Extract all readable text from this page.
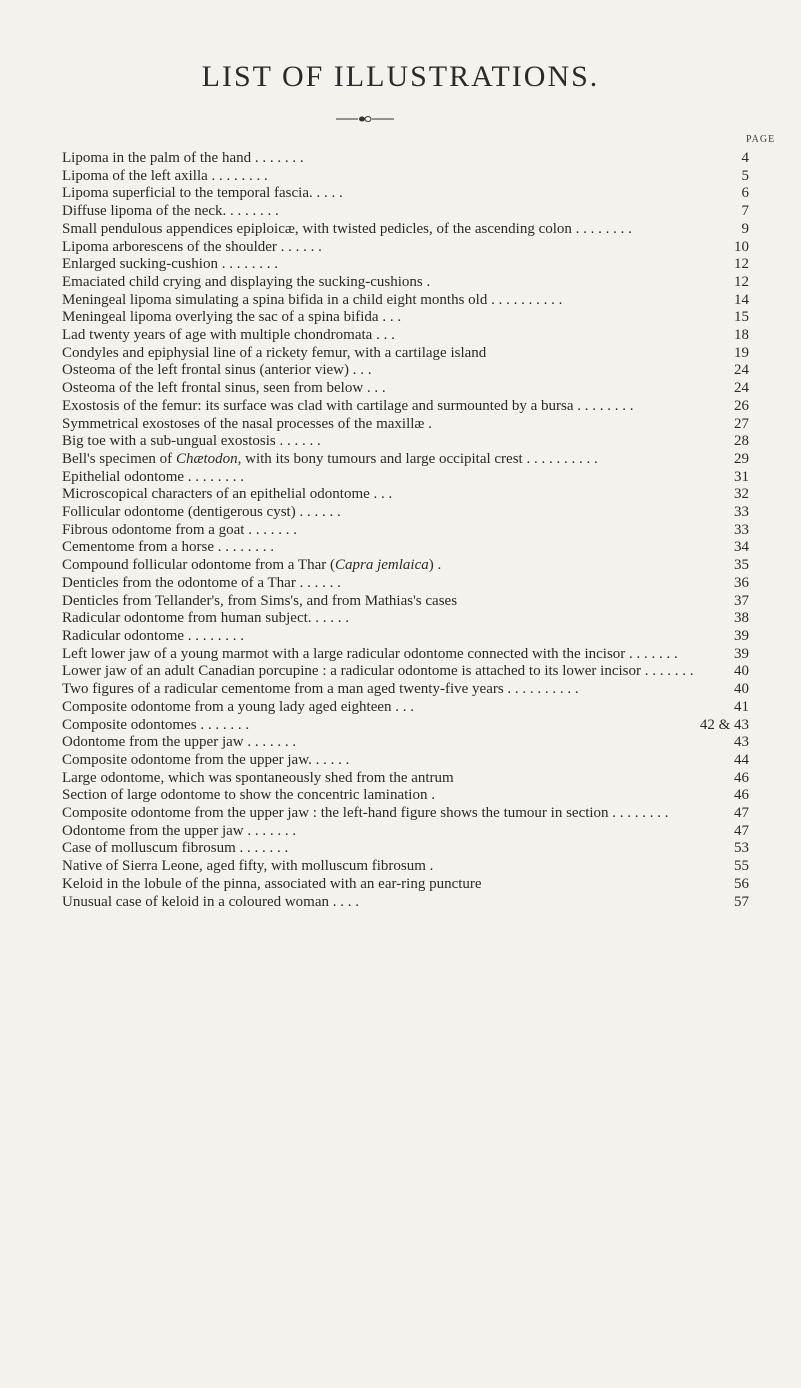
LIST OF ILLUSTRATIONS.
PAGE
Lipoma in the palm of the hand . . . . . . .	4
Lipoma of the left axilla . . . . . . . .	5
Lipoma superficial to the temporal fascia. . . . .	6
Diffuse lipoma of the neck. . . . . . . .	7
Small pendulous appendices epiploicæ, with twisted pedicles, of the ascending colon . . . . . . . .	9
Lipoma arborescens of the shoulder . . . . . .	10
Enlarged sucking-cushion . . . . . . . .	12
Emaciated child crying and displaying the sucking-cushions .	12
Meningeal lipoma simulating a spina bifida in a child eight months old . . . . . . . . . .	14
Meningeal lipoma overlying the sac of a spina bifida . . .	15
Lad twenty years of age with multiple chondromata . . .	18
Condyles and epiphysial line of a rickety femur, with a cartilage island	19
Osteoma of the left frontal sinus (anterior view) . . .	24
Osteoma of the left frontal sinus, seen from below . . .	24
Exostosis of the femur: its surface was clad with cartilage and surmounted by a bursa . . . . . . . .	26
Symmetrical exostoses of the nasal processes of the maxillæ .	27
Big toe with a sub-ungual exostosis . . . . . .	28
Bell's specimen of Chætodon, with its bony tumours and large occipital crest . . . . . . . . . .	29
Epithelial odontome . . . . . . . .	31
Microscopical characters of an epithelial odontome . . .	32
Follicular odontome (dentigerous cyst) . . . . . .	33
Fibrous odontome from a goat . . . . . . .	33
Cementome from a horse . . . . . . . .	34
Compound follicular odontome from a Thar (Capra jemlaica) .	35
Denticles from the odontome of a Thar . . . . . .	36
Denticles from Tellander's, from Sims's, and from Mathias's cases	37
Radicular odontome from human subject. . . . . .	38
Radicular odontome . . . . . . . .	39
Left lower jaw of a young marmot with a large radicular odontome connected with the incisor . . . . . . .	39
Lower jaw of an adult Canadian porcupine : a radicular odontome is attached to its lower incisor . . . . . . .	40
Two figures of a radicular cementome from a man aged twenty-five years . . . . . . . . . .	40
Composite odontome from a young lady aged eighteen . . .	41
Composite odontomes . . . . . . .	42 & 43
Odontome from the upper jaw . . . . . . .	43
Composite odontome from the upper jaw. . . . . .	44
Large odontome, which was spontaneously shed from the antrum	46
Section of large odontome to show the concentric lamination .	46
Composite odontome from the upper jaw : the left-hand figure shows the tumour in section . . . . . . . .	47
Odontome from the upper jaw . . . . . . .	47
Case of molluscum fibrosum . . . . . . .	53
Native of Sierra Leone, aged fifty, with molluscum fibrosum .	55
Keloid in the lobule of the pinna, associated with an ear-ring puncture	56
Unusual case of keloid in a coloured woman . . . .	57
